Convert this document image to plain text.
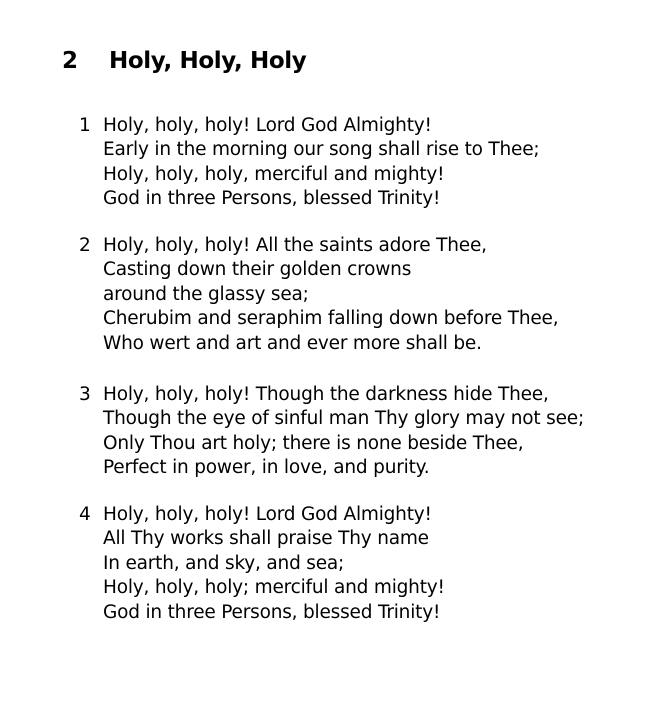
2	Holy, Holy, Holy
1 Holy, holy, holy! Lord God Almighty!
Early in the morning our song shall rise to Thee;
Holy, holy, holy, merciful and mighty!
God in three Persons, blessed Trinity!
2 Holy, holy, holy! All the saints adore Thee,
Casting down their golden crowns
around the glassy sea;
Cherubim and seraphim falling down before Thee,
Who wert and art and ever more shall be.
3 Holy, holy, holy! Though the darkness hide Thee,
Though the eye of sinful man Thy glory may not see;
Only Thou art holy; there is none beside Thee,
Perfect in power, in love, and purity.
4 Holy, holy, holy! Lord God Almighty!
All Thy works shall praise Thy name
In earth, and sky, and sea;
Holy, holy, holy; merciful and mighty!
God in three Persons, blessed Trinity!
